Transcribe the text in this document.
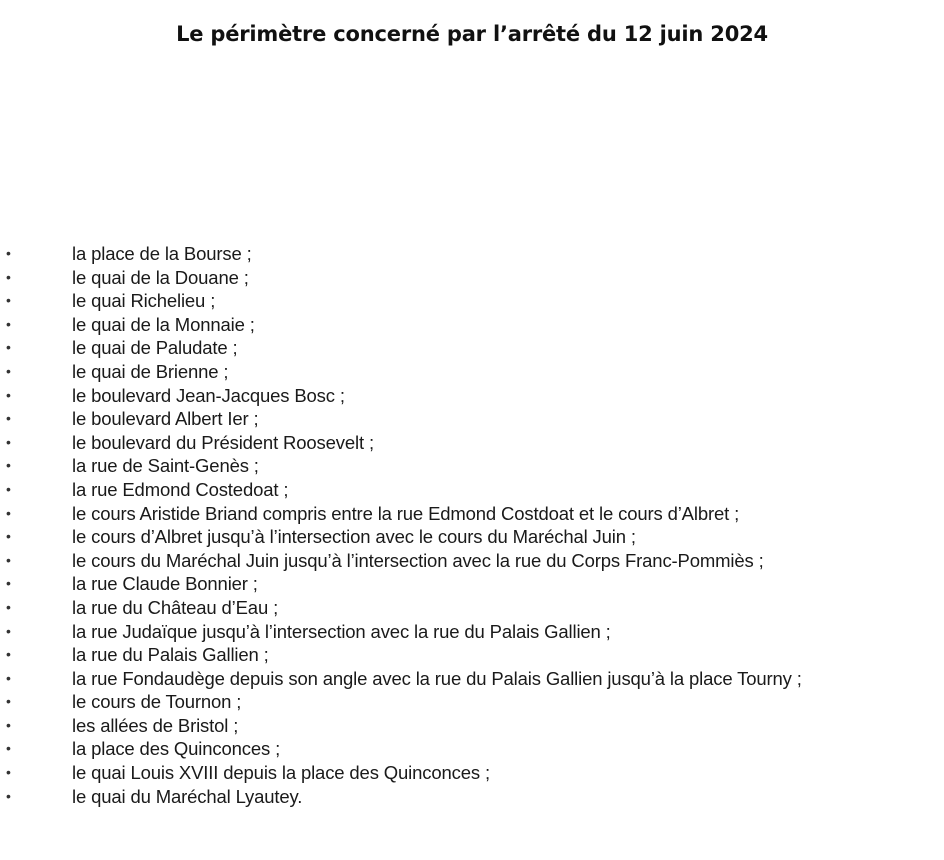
Le périmètre concerné par l’arrêté du 12 juin 2024
•	la place de la Bourse ;
•	le quai de la Douane ;
•	le quai Richelieu ;
•	le quai de la Monnaie ;
•	le quai de Paludate ;
•	le quai de Brienne ;
•	le boulevard Jean-Jacques Bosc ;
•	le boulevard Albert Ier ;
•	le boulevard du Président Roosevelt ;
•	la rue de Saint-Genès ;
•	la rue Edmond Costedoat ;
•	le cours Aristide Briand compris entre la rue Edmond Costdoat et le cours d’Albret ;
•	le cours d’Albret jusqu’à l’intersection avec le cours du Maréchal Juin ;
•	le cours du Maréchal Juin jusqu’à l’intersection avec la rue du Corps Franc-Pommiès ;
•	la rue Claude Bonnier ;
•	la rue du Château d’Eau ;
•	la rue Judaïque jusqu’à l’intersection avec la rue du Palais Gallien ;
•	la rue du Palais Gallien ;
•	la rue Fondaudège depuis son angle avec la rue du Palais Gallien jusqu’à la place Tourny ;
•	le cours de Tournon ;
•	les allées de Bristol ;
•	la place des Quinconces ;
•	le quai Louis XVIII depuis la place des Quinconces ;
•	le quai du Maréchal Lyautey.
